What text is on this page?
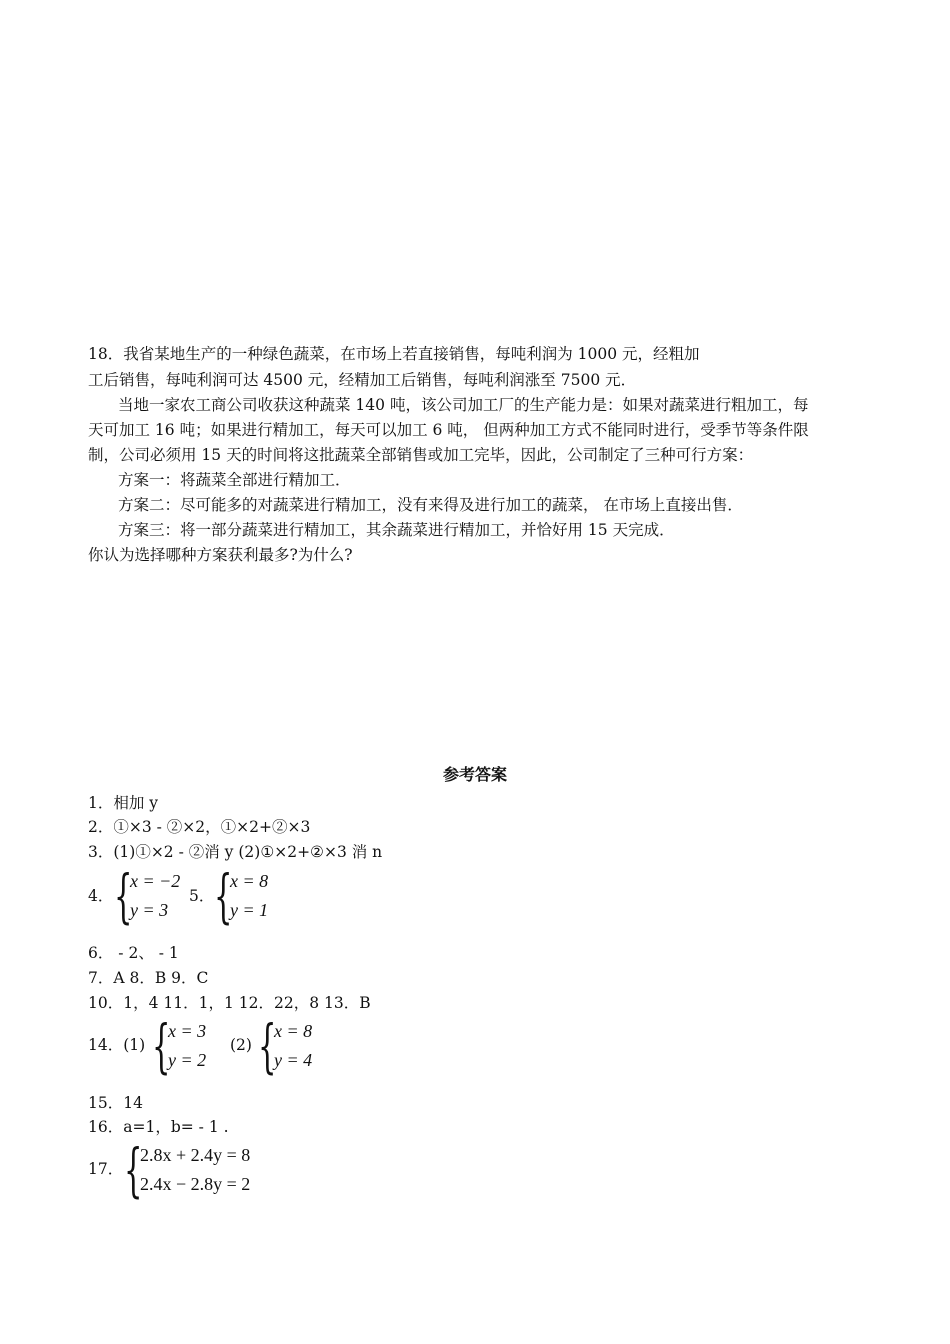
18．我省某地生产的一种绿色蔬菜，在市场上若直接销售，每吨利润为 1000 元，经粗加
工后销售，每吨利润可达 4500 元，经精加工后销售，每吨利润涨至 7500 元．
当地一家农工商公司收获这种蔬菜 140 吨，该公司加工厂的生产能力是：如果对蔬菜进行粗加工，每
天可加工 16 吨；如果进行精加工，每天可以加工 6 吨， 但两种加工方式不能同时进行，受季节等条件限
制，公司必须用 15 天的时间将这批蔬菜全部销售或加工完毕，因此，公司制定了三种可行方案：
方案一：将蔬菜全部进行精加工．
方案二：尽可能多的对蔬菜进行精加工，没有来得及进行加工的蔬菜， 在市场上直接出售．
方案三：将一部分蔬菜进行精加工，其余蔬菜进行精加工，并恰好用 15 天完成．
你认为选择哪种方案获利最多?为什么?
参考答案
1．相加 y
2．①×3 - ②×2，①×2+②×3
3．(1)①×2 - ②消 y (2)①×2+②×3 消 n
4． {
x = −2
y = 3
5． {
x = 8
y = 1
6． - 2、 - 1
7．A 8．B 9．C
10．1，4 11．1，1 12．22，8 13．B
14．(1) {
x = 3
y = 2
(2) {
x = 8
y = 4
15．14
16．a=1，b= - 1 .
17． {
2.8x + 2.4y = 8
2.4x − 2.8y = 2
